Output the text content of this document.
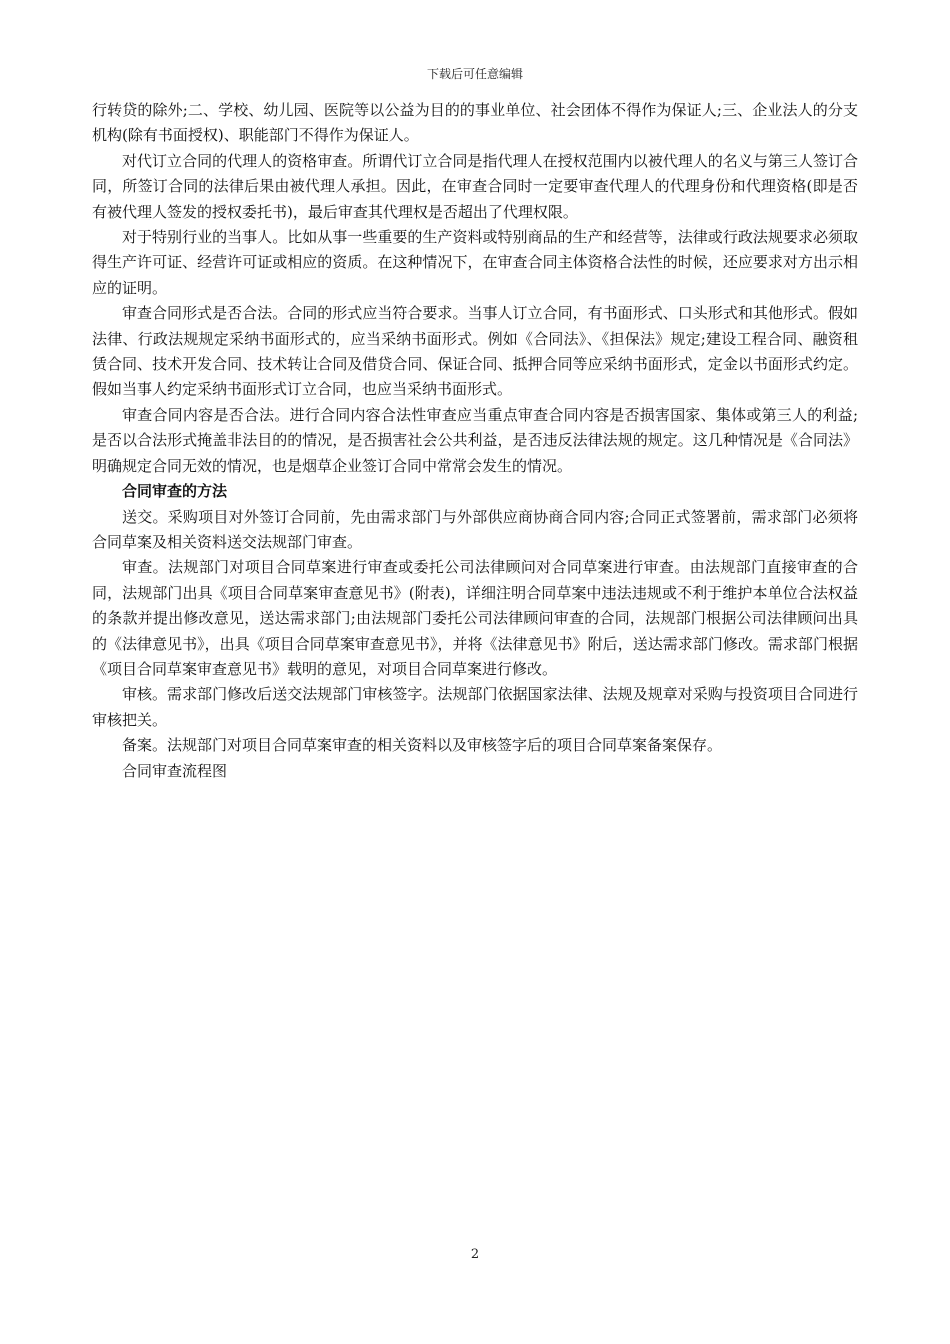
下载后可任意编辑

行转贷的除外;二、学校、幼儿园、医院等以公益为目的的事业单位、社会团体不得作为保证人;三、企业法人的分支机构(除有书面授权)、职能部门不得作为保证人。

对代订立合同的代理人的资格审查。所谓代订立合同是指代理人在授权范围内以被代理人的名义与第三人签订合同，所签订合同的法律后果由被代理人承担。因此，在审查合同时一定要审查代理人的代理身份和代理资格(即是否有被代理人签发的授权委托书)，最后审查其代理权是否超出了代理权限。

对于特别行业的当事人。比如从事一些重要的生产资料或特别商品的生产和经营等，法律或行政法规要求必须取得生产许可证、经营许可证或相应的资质。在这种情况下，在审查合同主体资格合法性的时候，还应要求对方出示相应的证明。

审查合同形式是否合法。合同的形式应当符合要求。当事人订立合同，有书面形式、口头形式和其他形式。假如法律、行政法规规定采纳书面形式的，应当采纳书面形式。例如《合同法》、《担保法》规定;建设工程合同、融资租赁合同、技术开发合同、技术转让合同及借贷合同、保证合同、抵押合同等应采纳书面形式，定金以书面形式约定。假如当事人约定采纳书面形式订立合同，也应当采纳书面形式。

审查合同内容是否合法。进行合同内容合法性审查应当重点审查合同内容是否损害国家、集体或第三人的利益;是否以合法形式掩盖非法目的的情况，是否损害社会公共利益，是否违反法律法规的规定。这几种情况是《合同法》明确规定合同无效的情况，也是烟草企业签订合同中常常会发生的情况。

合同审查的方法

送交。采购项目对外签订合同前，先由需求部门与外部供应商协商合同内容;合同正式签署前，需求部门必须将合同草案及相关资料送交法规部门审查。

审查。法规部门对项目合同草案进行审查或委托公司法律顾问对合同草案进行审查。由法规部门直接审查的合同，法规部门出具《项目合同草案审查意见书》(附表)，详细注明合同草案中违法违规或不利于维护本单位合法权益的条款并提出修改意见，送达需求部门;由法规部门委托公司法律顾问审查的合同，法规部门根据公司法律顾问出具的《法律意见书》，出具《项目合同草案审查意见书》，并将《法律意见书》附后，送达需求部门修改。需求部门根据《项目合同草案审查意见书》载明的意见，对项目合同草案进行修改。

审核。需求部门修改后送交法规部门审核签字。法规部门依据国家法律、法规及规章对采购与投资项目合同进行审核把关。

备案。法规部门对项目合同草案审查的相关资料以及审核签字后的项目合同草案备案保存。

合同审查流程图

2
